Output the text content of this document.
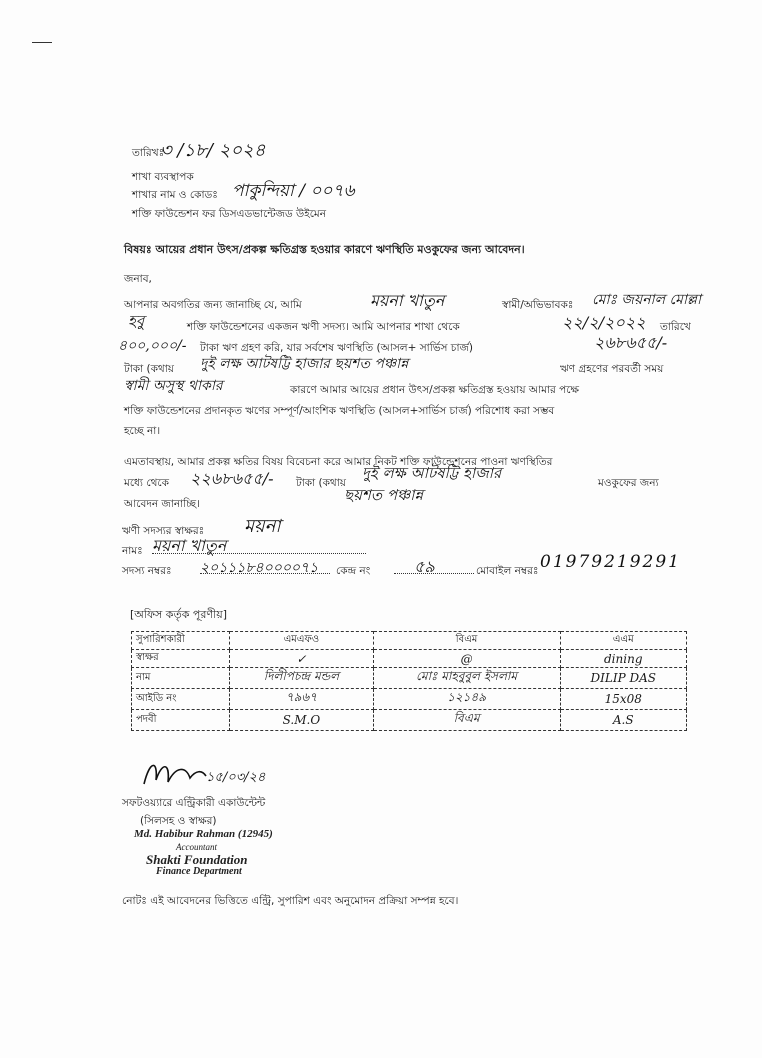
তারিখঃ
৩ /১৮/ ২০২৪
শাখা ব্যবস্থাপক
শাখার নাম ও কোডঃ পাকুন্দিয়া / ০০৭৬
শক্তি ফাউন্ডেশন ফর ডিসএডভান্টেজড উইমেন
বিষয়ঃ আয়ের প্রধান উৎস/প্রকল্প ক্ষতিগ্রস্ত হওয়ার কারণে ঋণস্থিতি মওকুফের জন্য আবেদন।
জনাব,
আপনার অবগতির জন্য জানাচ্ছি যে, আমি	ময়না খাতুন	স্বামী/অভিভাবকঃ মোঃ জয়নাল মোল্লা
হবু	শক্তি ফাউন্ডেশনের একজন ঋণী সদস্য। আমি আপনার শাখা থেকে	২২/২/২০২২ তারিখে
৪০০,০০০/- টাকা ঋণ গ্রহণ করি, যার সর্বশেষ ঋণস্থিতি (আসল+ সার্ভিস চার্জ)	২৬৮৬৫৫/-
টাকা (কথায় দুই লক্ষ আটষট্টি হাজার ছয়শত পঞ্চান্ন	ঋণ গ্রহণের পরবর্তী সময়
স্বামী অসুস্থ থাকার	কারণে আমার আয়ের প্রধান উৎস/প্রকল্প ক্ষতিগ্রস্ত হওয়ায় আমার পক্ষে
শক্তি ফাউন্ডেশনের প্রদানকৃত ঋণের সম্পূর্ণ/আংশিক ঋণস্থিতি (আসল+সার্ভিস চার্জ) পরিশোধ করা সম্ভব
হচ্ছে না।
এমতাবস্থায়, আমার প্রকল্প ক্ষতির বিষয় বিবেচনা করে আমার নিকট শক্তি ফাউন্ডেশনের পাওনা ঋণস্থিতির
মধ্যে থেকে ২২৬৮৬৫৫/- টাকা (কথায়
দুই লক্ষ আটষট্টি হাজার
মওকুফের জন্য
আবেদন জানাচ্ছি।	ছয়শত পঞ্চান্ন
ঋণী সদস্যর স্বাক্ষরঃ ময়না
নামঃ ময়না খাতুন
সদস্য নম্বরঃ ২০১১১৮৪০০০০৭১ কেন্দ্র নং	৫৯	মোবাইল নম্বরঃ 01979219291
[অফিস কর্তৃক পূরণীয়]
সুপারিশকারী	এমএফও	বিএম	এএম
স্বাক্ষর	✓	@	dining
নাম	দিলীপচন্দ্র মন্ডল	মোঃ মাহবুবুল ইসলাম	DILIP DAS
আইডি নং	৭৯৬৭	১২১৪৯	15x08
পদবী	S.M.O	বিএম	A.S
১৫/০৩/২৪
সফটওয়্যারে এন্ট্রিকারী একাউন্টেন্ট
(সিলসহ ও স্বাক্ষর)
Md. Habibur Rahman (12945)
Accountant
Shakti Foundation
Finance Department
নোটঃ এই আবেদনের ভিত্তিতে এন্ট্রি, সুপারিশ এবং অনুমোদন প্রক্রিয়া সম্পন্ন হবে।
